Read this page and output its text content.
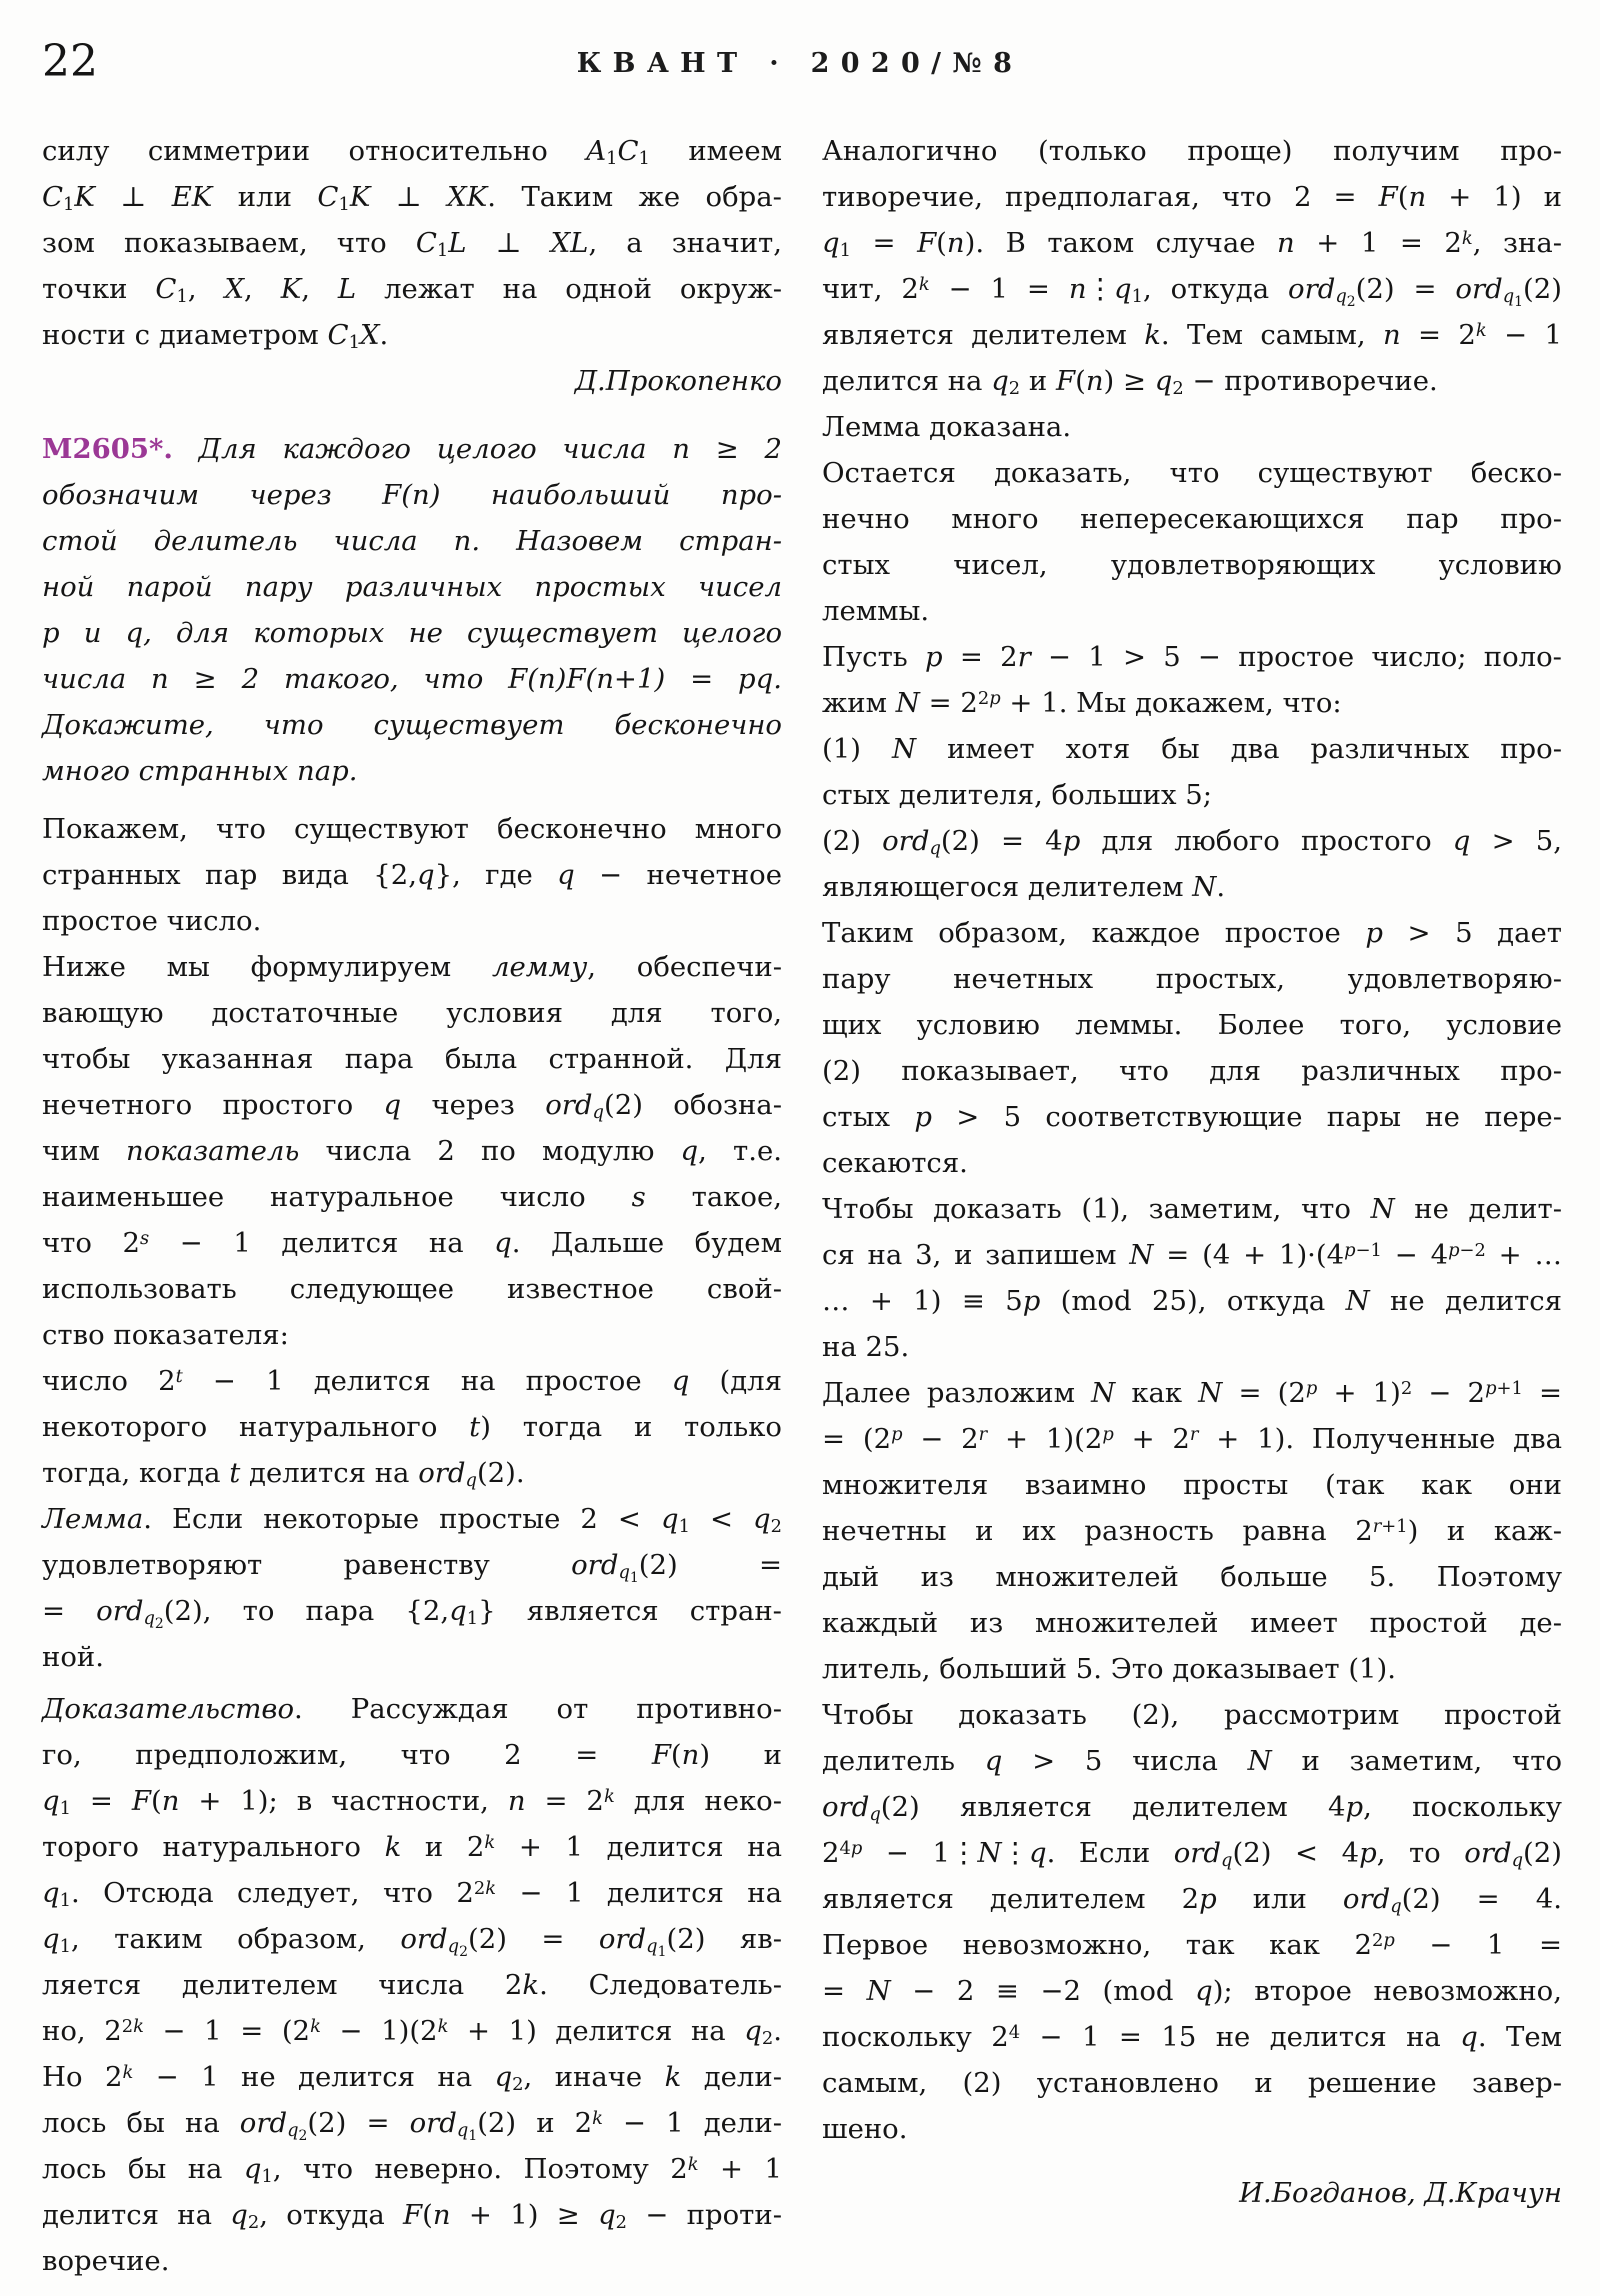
22	КВАНТ · 2020/№8
силу симметрии относительно $A_1C_1$ имеем
$C_1K$ ⊥ EK или $C_1K$ ⊥ XK. Таким же обра-
зом показываем, что $C_1L$ ⊥ XL, а значит,
точки $C_1$, X, K, L лежат на одной окруж-
ности с диаметром $C_1X$.
Д.Прокопенко
М2605*. Для каждого целого числа n ≥ 2
обозначим через F(n) наибольший про-
стой делитель числа n. Назовем стран-
ной парой пару различных простых чисел
p и q, для которых не существует целого
числа n ≥ 2 такого, что F(n)F(n+1) = pq.
Докажите, что существует бесконечно
много странных пар.
Покажем, что существуют бесконечно много
странных пар вида {2,q}, где q − нечетное
простое число.
Ниже мы формулируем лемму, обеспечи-
вающую достаточные условия для того,
чтобы указанная пара была странной. Для
нечетного простого q через ord$_q$(2) обозна-
чим показатель числа 2 по модулю q, т.е.
наименьшее натуральное число s такое,
что $2^s - 1$ делится на q. Дальше будем
использовать следующее известное свой-
ство показателя:
число $2^t - 1$ делится на простое q (для
некоторого натурального t) тогда и только
тогда, когда t делится на ord$_q$(2).
Лемма. Если некоторые простые $2 < q_1 < q_2$
удовлетворяют равенству ord$_{q_1}$(2) =
= ord$_{q_2}$(2), то пара $\{2,q_1\}$ является стран-
ной.
Доказательство. Рассуждая от противно-
го, предположим, что 2 = F(n) и
$q_1 = F(n + 1)$; в частности, $n = 2^k$ для неко-
торого натурального k и $2^k + 1$ делится на
$q_1$. Отсюда следует, что $2^{2k} - 1$ делится на
$q_1$, таким образом, ord$_{q_2}$(2) = ord$_{q_1}$(2) яв-
ляется делителем числа 2k. Следователь-
но, $2^{2k} - 1 = (2^k - 1)(2^k + 1)$ делится на $q_2$.
Но $2^k - 1$ не делится на $q_2$, иначе k дели-
лось бы на ord$_{q_2}$(2) = ord$_{q_1}$(2) и $2^k - 1$ дели-
лось бы на $q_1$, что неверно. Поэтому $2^k + 1$
делится на $q_2$, откуда $F(n + 1) \ge q_2$ − проти-
воречие.
Аналогично (только проще) получим про-
тиворечие, предполагая, что 2 = F(n + 1) и
$q_1 = F(n)$. В таком случае $n + 1 = 2^k$, зна-
чит, $2^k - 1$ = $n⋮q_1$, откуда ord$_{q_2}$(2) = ord$_{q_1}$(2)
является делителем k. Тем самым, $n = 2^k - 1$
делится на $q_2$ и $F(n) \ge q_2$ − противоречие.
Лемма доказана.
Остается доказать, что существуют беско-
нечно много непересекающихся пар про-
стых чисел, удовлетворяющих условию
леммы.
Пусть p = 2r − 1 > 5 − простое число; поло-
жим $N = 2^{2p} + 1$. Мы докажем, что:
(1) N имеет хотя бы два различных про-
стых делителя, больших 5;
(2) ord$_q$(2) = 4p для любого простого q > 5,
являющегося делителем N.
Таким образом, каждое простое p > 5 дает
пару нечетных простых, удовлетворяю-
щих условию леммы. Более того, условие
(2) показывает, что для различных про-
стых p > 5 соответствующие пары не пере-
секаются.
Чтобы доказать (1), заметим, что N не делит-
ся на 3, и запишем $N = (4 + 1)\cdot(4^{p-1} - 4^{p-2}$ + …
… + 1) ≡ 5p (mod 25), откуда N не делится
на 25.
Далее разложим N как $N = (2^p + 1)^2 - 2^{p+1}$ =
= $(2^p - 2^r + 1)(2^p + 2^r + 1)$. Полученные два
множителя взаимно просты (так как они
нечетны и их разность равна $2^{r+1}$) и каж-
дый из множителей больше 5. Поэтому
каждый из множителей имеет простой де-
литель, больший 5. Это доказывает (1).
Чтобы доказать (2), рассмотрим простой
делитель q > 5 числа N и заметим, что
ord$_q$(2) является делителем 4p, поскольку
$2^{4p}$ − 1⋮N⋮q. Если ord$_q$(2) < 4p, то ord$_q$(2)
является делителем 2p или ord$_q$(2) = 4.
Первое невозможно, так как $2^{2p} - 1$ =
= N − 2 ≡ −2 (mod q); второе невозможно,
поскольку $2^4 - 1 = 15$ не делится на q. Тем
самым, (2) установлено и решение завер-
шено.
И.Богданов, Д.Крачун
